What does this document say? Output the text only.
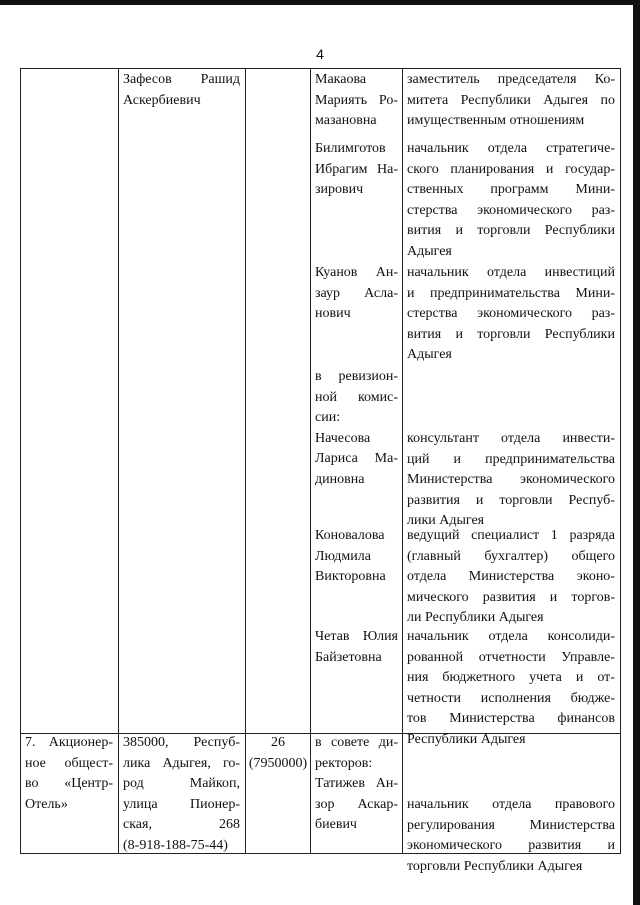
4
Зафесов Рашид
Аскербиевич
Макаова
Мариять Ро-
мазановна
заместитель председателя Ко-
митета Республики Адыгея по
имущественным отношениям
Билимготов
Ибрагим На-
зирович
начальник отдела стратегиче-
ского планирования и государ-
ственных программ Мини-
стерства экономического раз-
вития и торговли Республики
Адыгея
Куанов Ан-
заур Асла-
нович
начальник отдела инвестиций
и предпринимательства Мини-
стерства экономического раз-
вития и торговли Республики
Адыгея
в ревизион-
ной комис-
сии:
Начесова
Лариса Ма-
диновна
консультант отдела инвести-
ций и предпринимательства
Министерства экономического
развития и торговли Респуб-
лики Адыгея
Коновалова
Людмила
Викторовна
ведущий специалист 1 разряда
(главный бухгалтер) общего
отдела Министерства эконо-
мического развития и торгов-
ли Республики Адыгея
Четав Юлия
Байзетовна
начальник отдела консолиди-
рованной отчетности Управле-
ния бюджетного учета и от-
четности исполнения бюдже-
тов Министерства финансов
Республики Адыгея
7. Акционер-
ное общест-
во «Центр-
Отель»
385000, Респуб-
лика Адыгея, го-
род	Майкоп,
улица Пионер-
ская,	268
(8-918-188-75-44)
26
(7950000)
в совете ди-
ректоров:
Татижев Ан-
зор Аскар-
биевич
начальник отдела правового
регулирования Министерства
экономического развития и
торговли Республики Адыгея
